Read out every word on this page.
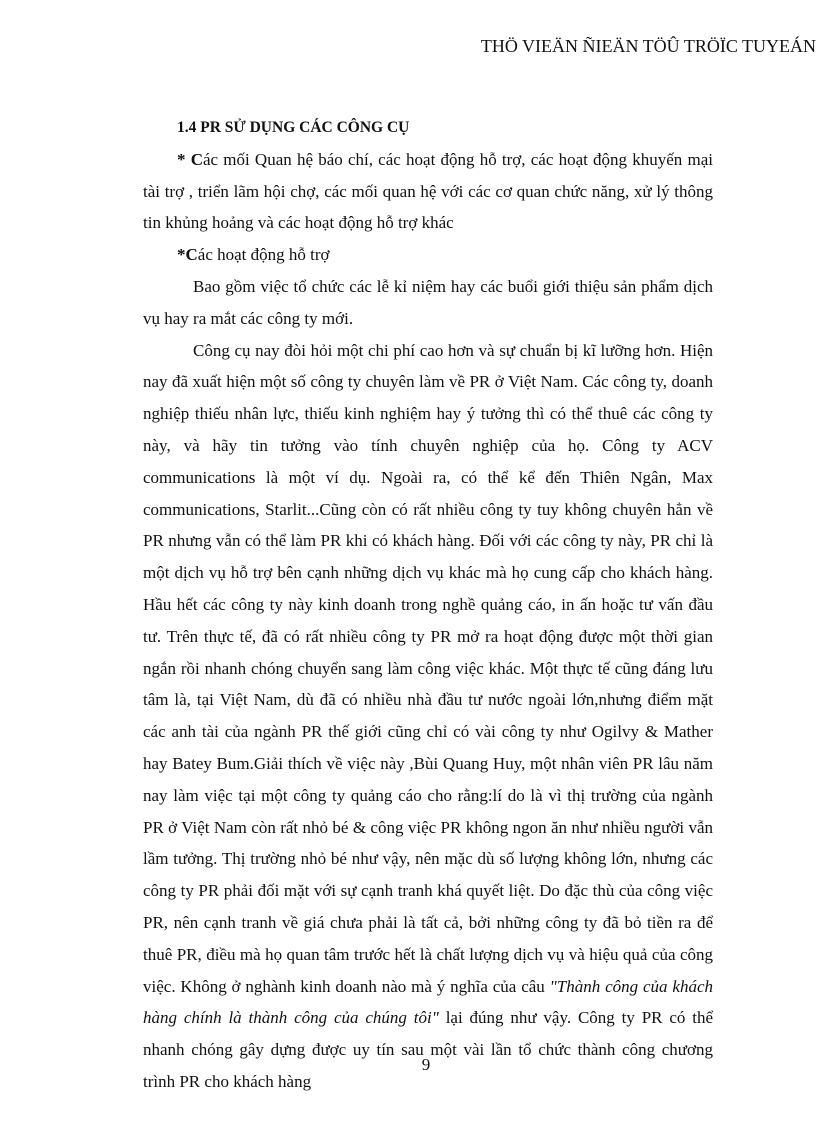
THÖ VIEÄN ÑIEÄN TÖÛ TRÖÏC TUYEÁN

1.4 PR SỬ DỤNG CÁC CÔNG CỤ

* Các mối Quan hệ báo chí, các hoạt động hỗ trợ, các hoạt động khuyến mại tài trợ , triển lãm hội chợ, các mối quan hệ với các cơ quan chức năng, xử lý thông tin khủng hoảng và các hoạt động hỗ trợ khác

*Các hoạt động hỗ trợ

Bao gồm việc tổ chức các lễ kỉ niệm hay các buổi giới thiệu sản phẩm dịch vụ hay ra mắt các công ty mới.

Công cụ nay đòi hỏi một chi phí cao hơn và sự chuẩn bị kĩ lưỡng hơn. Hiện nay đã xuất hiện một số công ty chuyên làm về PR ở Việt Nam. Các công ty, doanh nghiệp thiếu nhân lực, thiếu kinh nghiệm hay ý tưởng thì có thể thuê các công ty này, và hãy tin tưởng vào tính chuyên nghiệp của họ. Công ty ACV communications là một ví dụ. Ngoài ra, có thể kể đến Thiên Ngân, Max communications, Starlit...Cũng còn có rất nhiều công ty tuy không chuyên hẳn về PR nhưng vẫn có thể làm PR khi có khách hàng. Đối với các công ty này, PR chỉ là một dịch vụ hỗ trợ bên cạnh những dịch vụ khác mà họ cung cấp cho khách hàng. Hầu hết các công ty này kinh doanh trong nghề quảng cáo, in ấn hoặc tư vấn đầu tư. Trên thực tế, đã có rất nhiều công ty PR mở ra hoạt động được một thời gian ngắn rồi nhanh chóng chuyển sang làm công việc khác. Một thực tế cũng đáng lưu tâm là, tại Việt Nam, dù đã có nhiều nhà đầu tư nước ngoài lớn,nhưng điểm mặt các anh tài của ngành PR thế giới cũng chỉ có vài công ty như Ogilvy & Mather hay Batey Bum.Giải thích về việc này ,Bùi Quang Huy, một nhân viên PR lâu năm nay làm việc tại một công ty quảng cáo cho rằng:lí do là vì thị trường của ngành PR ở Việt Nam còn rất nhỏ bé & công việc PR không ngon ăn như nhiều người vẫn lầm tưởng. Thị trường nhỏ bé như vậy, nên mặc dù số lượng không lớn, nhưng các công ty PR phải đối mặt với sự cạnh tranh khá quyết liệt. Do đặc thù của công việc PR, nên cạnh tranh về giá chưa phải là tất cả, bởi những công ty đã bỏ tiền ra để thuê PR, điều mà họ quan tâm trước hết là chất lượng dịch vụ và hiệu quả của công việc. Không ở nghành kinh doanh nào mà ý nghĩa của câu "Thành công của khách hàng chính là thành công của chúng tôi" lại đúng như vậy. Công ty PR có thể nhanh chóng gây dựng được uy tín sau một vài lần tổ chức thành công chương trình PR cho khách hàng

9
